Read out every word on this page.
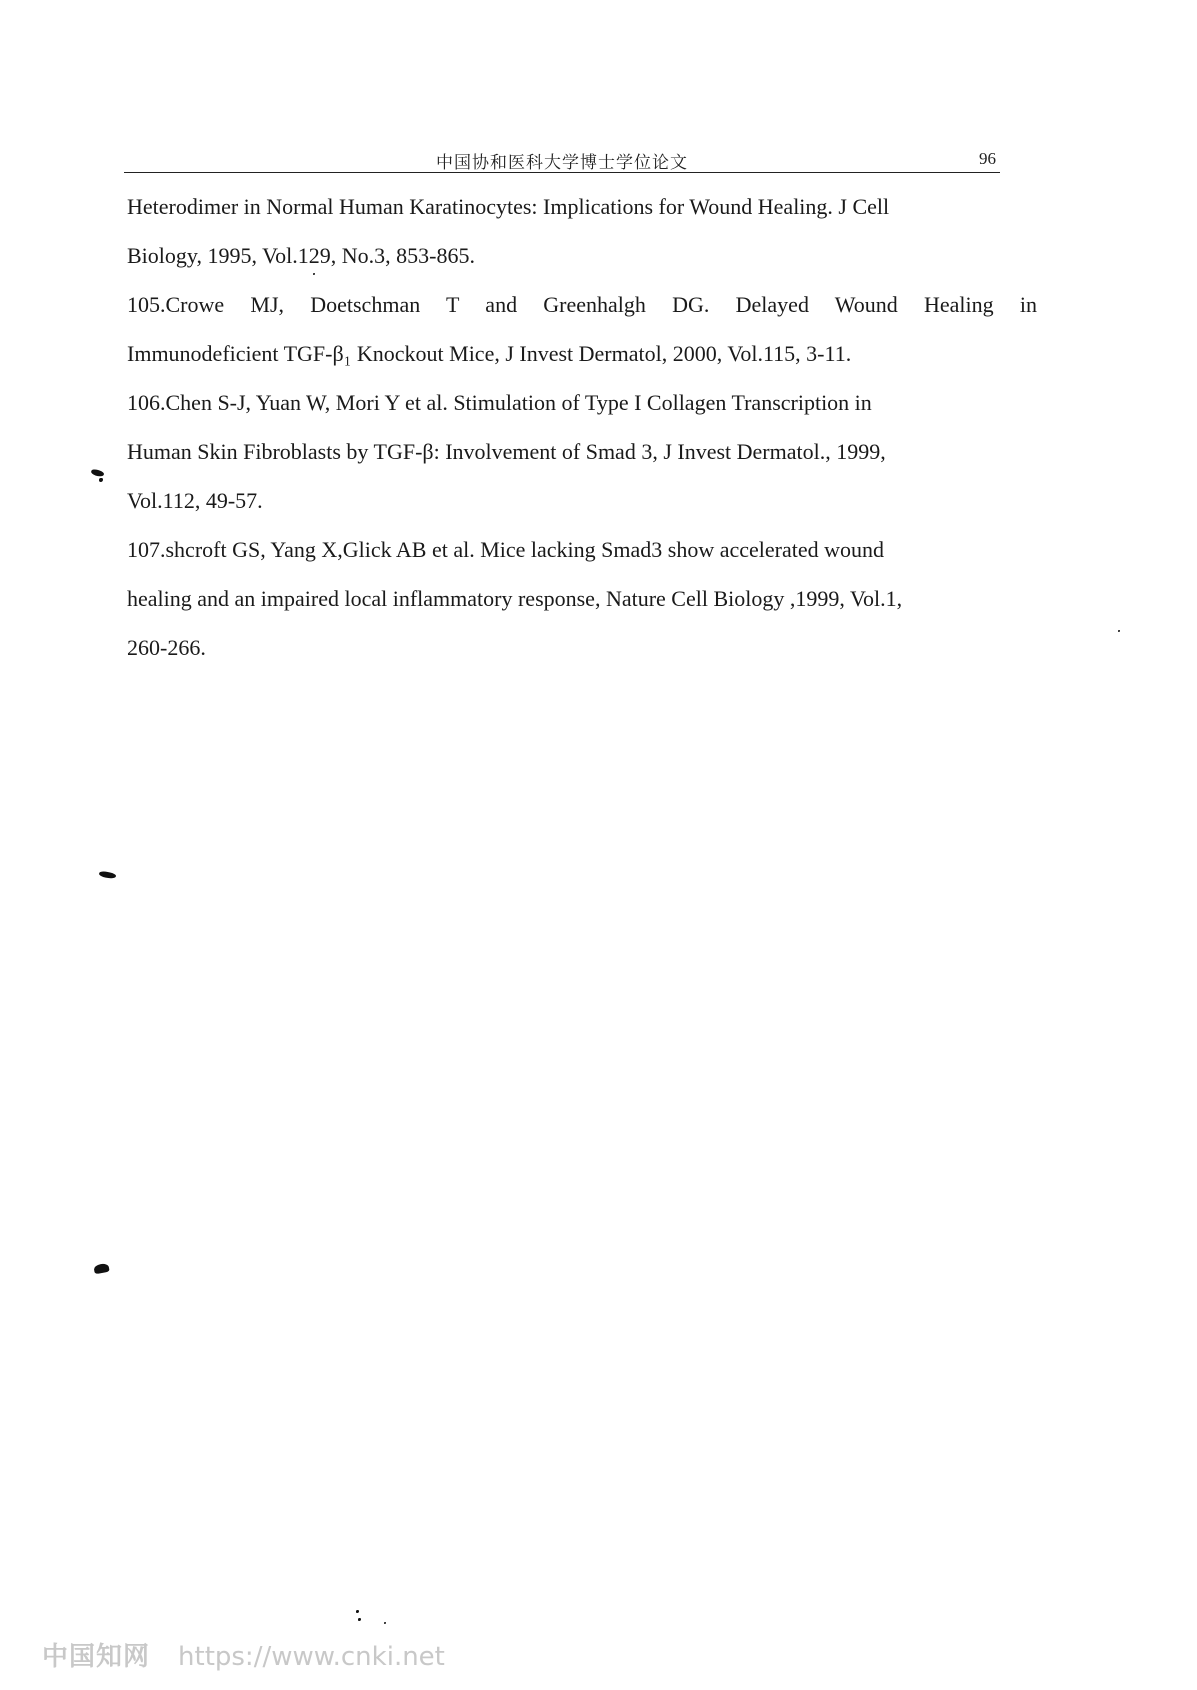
中国协和医科大学博士学位论文	96
Heterodimer in Normal Human Karatinocytes: Implications for Wound Healing. J Cell
Biology, 1995, Vol.129, No.3, 853-865.
105.Crowe MJ, Doetschman T and Greenhalgh DG. Delayed Wound Healing in
Immunodeficient TGF-β₁ Knockout Mice, J Invest Dermatol, 2000, Vol.115, 3-11.
106.Chen S-J, Yuan W, Mori Y et al. Stimulation of Type I Collagen Transcription in
Human Skin Fibroblasts by TGF-β: Involvement of Smad 3, J Invest Dermatol., 1999,
Vol.112, 49-57.
107.shcroft GS, Yang X,Glick AB et al. Mice lacking Smad3 show accelerated wound
healing and an impaired local inflammatory response, Nature Cell Biology ,1999, Vol.1,
260-266.
中国知网 https://www.cnki.net
